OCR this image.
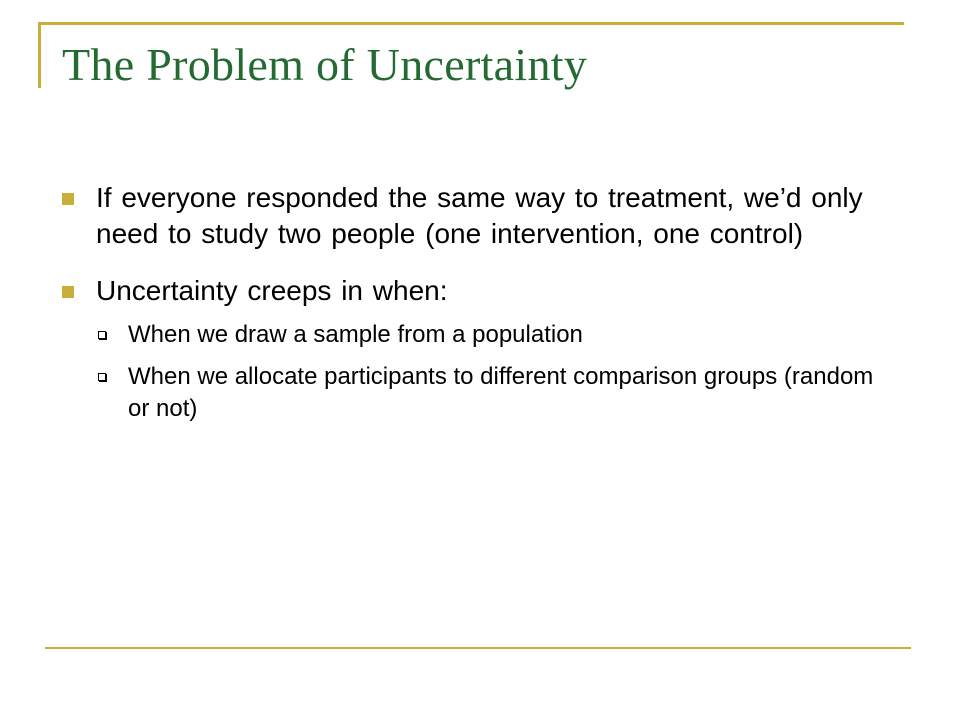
The Problem of Uncertainty
If everyone responded the same way to treatment, we’d only need to study two people (one intervention, one control)
Uncertainty creeps in when:
When we draw a sample from a population
When we allocate participants to different comparison groups (random or not)
